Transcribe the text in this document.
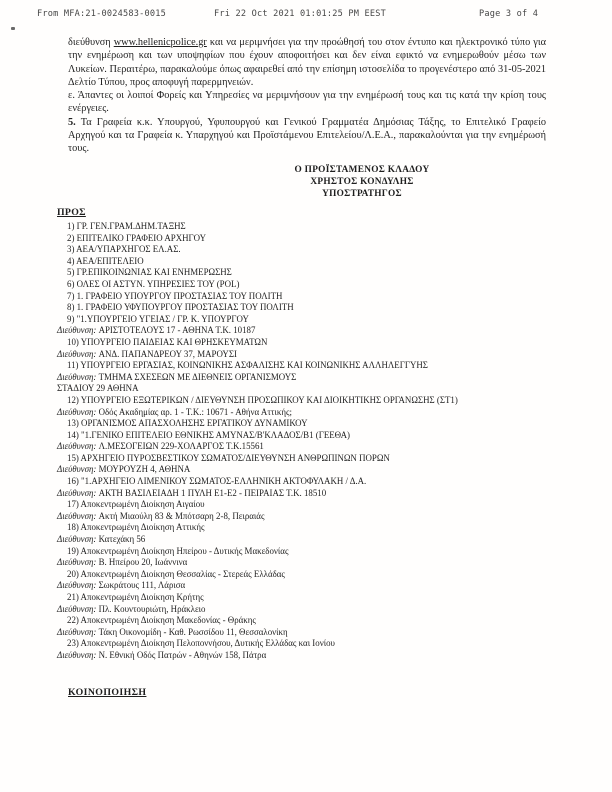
From MFA:21-0024583-0015	Fri 22 Oct 2021 01:01:25 PM EEST	Page 3 of 4

διεύθυνση www.hellenicpolice.gr και να μεριμνήσει για την προώθησή του στον έντυπο και ηλεκτρονικό τύπο για την ενημέρωση και των υποψηφίων που έχουν αποφοιτήσει και δεν είναι εφικτό να ενημερωθούν μέσω των Λυκείων. Περαιτέρω, παρακαλούμε όπως αφαιρεθεί από την επίσημη ιστοσελίδα το προγενέστερο από 31-05-2021 Δελτίο Τύπου, προς αποφυγή παρερμηνειών.

ε. Άπαντες οι λοιποί Φορείς και Υπηρεσίες να μεριμνήσουν για την ενημέρωσή τους και τις κατά την κρίση τους ενέργειες.

5. Τα Γραφεία κ.κ. Υπουργού, Υφυπουργού και Γενικού Γραμματέα Δημόσιας Τάξης, το Επιτελικό Γραφείο Αρχηγού και τα Γραφεία κ. Υπαρχηγού και Προϊστάμενου Επιτελείου/Λ.Ε.Α., παρακαλούνται για την ενημέρωσή τους.

Ο ΠΡΟΪΣΤΑΜΕΝΟΣ ΚΛΑΔΟΥ
ΧΡΗΣΤΟΣ ΚΟΝΔΥΛΗΣ
ΥΠΟΣΤΡΑΤΗΓΟΣ
ΠΡΟΣ
1) ΓΡ. ΓΕΝ.ΓΡΑΜ.ΔΗΜ.ΤΑΞΗΣ
2) ΕΠΙΤΕΛΙΚΟ ΓΡΑΦΕΙΟ ΑΡΧΗΓΟΥ
3) ΑΕΑ/ΥΠΑΡΧΗΓΟΣ ΕΛ.ΑΣ.
4) ΑΕΑ/ΕΠΙΤΕΛΕΙΟ
5) ΓΡ.ΕΠΙΚΟΙΝΩΝΙΑΣ ΚΑΙ ΕΝΗΜΕΡΩΣΗΣ
6) ΟΛΕΣ ΟΙ ΑΣΤΥΝ. ΥΠΗΡΕΣΙΕΣ ΤΟΥ (POL)
7) 1. ΓΡΑΦΕΙΟ ΥΠΟΥΡΓΟΥ ΠΡΟΣΤΑΣΙΑΣ ΤΟΥ ΠΟΛΙΤΗ
8) 1. ΓΡΑΦΕΙΟ ΥΦΥΠΟΥΡΓΟΥ ΠΡΟΣΤΑΣΙΑΣ ΤΟΥ ΠΟΛΙΤΗ
9) "1.ΥΠΟΥΡΓΕΙΟ ΥΓΕΙΑΣ / ΓΡ. Κ. ΥΠΟΥΡΓΟΥ
Διεύθυνση: ΑΡΙΣΤΟΤΕΛΟΥΣ 17 - ΑΘΗΝΑ Τ.Κ. 10187
10) ΥΠΟΥΡΓΕΙΟ ΠΑΙΔΕΙΑΣ ΚΑΙ ΘΡΗΣΚΕΥΜΑΤΩΝ
Διεύθυνση: ΑΝΔ. ΠΑΠΑΝΔΡΕΟΥ 37, ΜΑΡΟΥΣΙ
11) ΥΠΟΥΡΓΕΙΟ ΕΡΓΑΣΙΑΣ, ΚΟΙΝΩΝΙΚΗΣ ΑΣΦΑΛΙΣΗΣ ΚΑΙ ΚΟΙΝΩΝΙΚΗΣ ΑΛΛΗΛΕΓΓΥΗΣ
Διεύθυνση: ΤΜΗΜΑ ΣΧΕΣΕΩΝ ΜΕ ΔΙΕΘΝΕΙΣ ΟΡΓΑΝΙΣΜΟΥΣ
ΣΤΑΔΙΟΥ 29 ΑΘΗΝΑ
12) ΥΠΟΥΡΓΕΙΟ ΕΞΩΤΕΡΙΚΩΝ / ΔΙΕΥΘΥΝΣΗ ΠΡΟΣΩΠΙΚΟΥ ΚΑΙ ΔΙΟΙΚΗΤΙΚΗΣ ΟΡΓΑΝΩΣΗΣ (ΣΤ1)
Διεύθυνση: Οδός Ακαδημίας αρ. 1 - Τ.Κ.: 10671 - Αθήνα Αττικής;
13) ΟΡΓΑΝΙΣΜΟΣ ΑΠΑΣΧΟΛΗΣΗΣ ΕΡΓΑΤΙΚΟΥ ΔΥΝΑΜΙΚΟΥ
14) "1.ΓΕΝΙΚΟ ΕΠΙΤΕΛΕΙΟ ΕΘΝΙΚΗΣ ΑΜΥΝΑΣ/Β'ΚΛΑΔΟΣ/Β1 (ΓΕΕΘΑ)
Διεύθυνση: Λ.ΜΕΣΟΓΕΙΩΝ 229-ΧΟΛΑΡΓΟΣ Τ.Κ.15561
15) ΑΡΧΗΓΕΙΟ ΠΥΡΟΣΒΕΣΤΙΚΟΥ ΣΩΜΑΤΟΣ/ΔΙΕΥΘΥΝΣΗ ΑΝΘΡΩΠΙΝΩΝ ΠΟΡΩΝ
Διεύθυνση: ΜΟΥΡΟΥΖΗ 4, ΑΘΗΝΑ
16) "1.ΑΡΧΗΓΕΙΟ ΛΙΜΕΝΙΚΟΥ ΣΩΜΑΤΟΣ-ΕΛΛΗΝΙΚΗ ΑΚΤΟΦΥΛΑΚΗ / Δ.Α.
Διεύθυνση: ΑΚΤΗ ΒΑΣΙΛΕΙΑΔΗ 1 ΠΥΛΗ Ε1-Ε2 - ΠΕΙΡΑΙΑΣ Τ.Κ. 18510
17) Αποκεντρωμένη Διοίκηση Αιγαίου
Διεύθυνση: Ακτή Μιαούλη 83 & Μπότσαρη 2-8, Πειραιάς
18) Αποκεντρωμένη Διοίκηση Αττικής
Διεύθυνση: Κατεχάκη 56
19) Αποκεντρωμένη Διοίκηση Ηπείρου - Δυτικής Μακεδονίας
Διεύθυνση: Β. Ηπείρου 20, Ιωάννινα
20) Αποκεντρωμένη Διοίκηση Θεσσαλίας - Στερεάς Ελλάδας
Διεύθυνση: Σωκράτους 111, Λάρισα
21) Αποκεντρωμένη Διοίκηση Κρήτης
Διεύθυνση: Πλ. Κουντουριώτη, Ηράκλειο
22) Αποκεντρωμένη Διοίκηση Μακεδονίας - Θράκης
Διεύθυνση: Τάκη Οικονομίδη - Καθ. Ρωσσίδου 11, Θεσσαλονίκη
23) Αποκεντρωμένη Διοίκηση Πελοποννήσου, Δυτικής Ελλάδας και Ιονίου
Διεύθυνση: Ν. Εθνική Οδός Πατρών - Αθηνών 158, Πάτρα
ΚΟΙΝΟΠΟΙΗΣΗ
